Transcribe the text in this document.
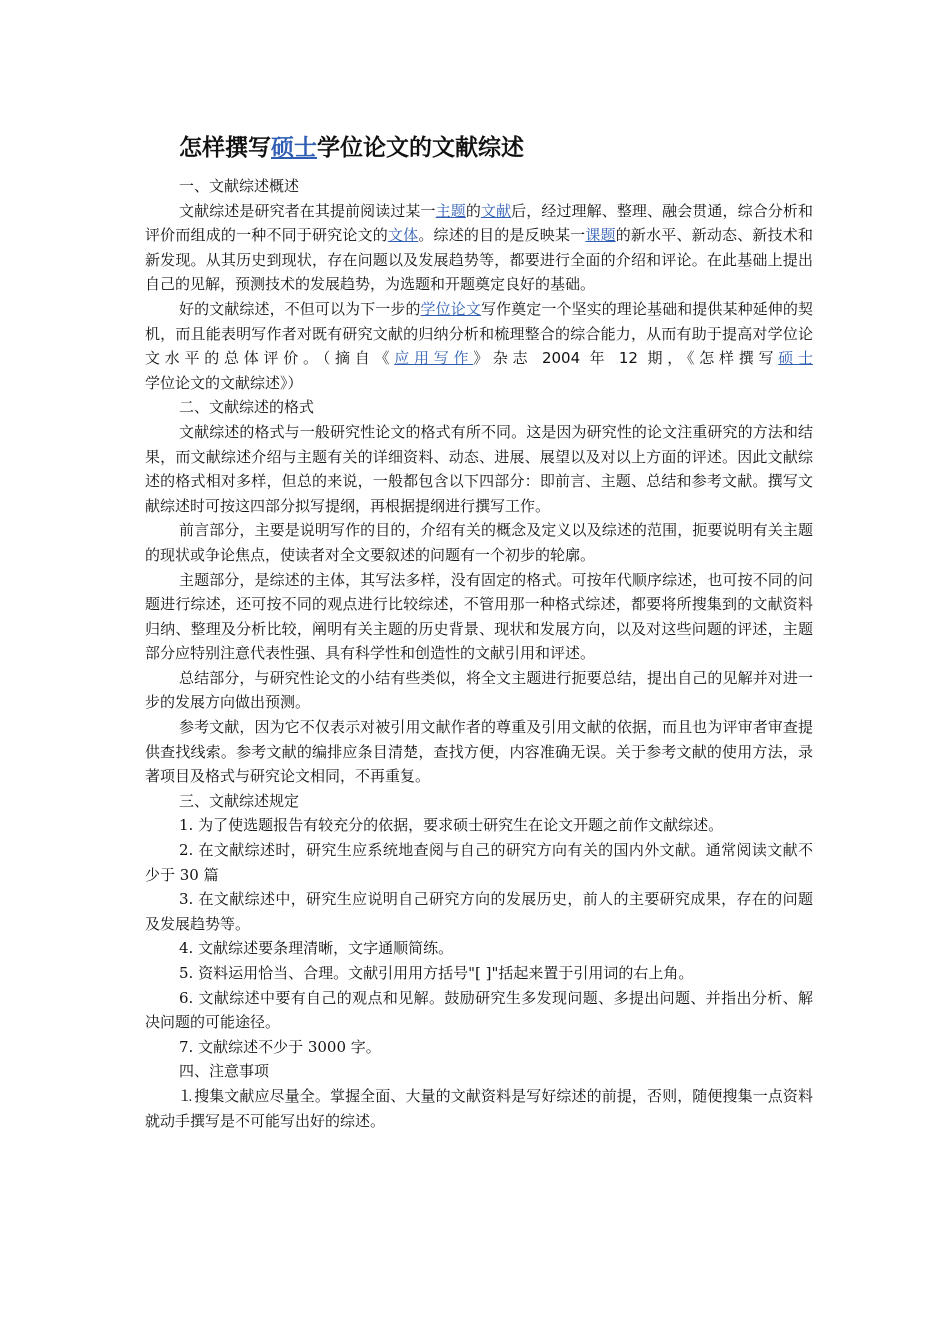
怎样撰写硕士学位论文的文献综述

一、文献综述概述

文献综述是研究者在其提前阅读过某一主题的文献后，经过理解、整理、融会贯通，综合分析和评价而组成的一种不同于研究论文的文体。综述的目的是反映某一课题的新水平、新动态、新技术和新发现。从其历史到现状，存在问题以及发展趋势等，都要进行全面的介绍和评论。在此基础上提出自己的见解，预测技术的发展趋势，为选题和开题奠定良好的基础。

好的文献综述，不但可以为下一步的学位论文写作奠定一个坚实的理论基础和提供某种延伸的契机，而且能表明写作者对既有研究文献的归纳分析和梳理整合的综合能力，从而有助于提高对学位论文水平的总体评价。（摘自《应用写作》杂志 2004 年 12 期，《怎样撰写硕士学位论文的文献综述》）

二、文献综述的格式

文献综述的格式与一般研究性论文的格式有所不同。这是因为研究性的论文注重研究的方法和结果，而文献综述介绍与主题有关的详细资料、动态、进展、展望以及对以上方面的评述。因此文献综述的格式相对多样，但总的来说，一般都包含以下四部分：即前言、主题、总结和参考文献。撰写文献综述时可按这四部分拟写提纲，再根据提纲进行撰写工作。

前言部分，主要是说明写作的目的，介绍有关的概念及定义以及综述的范围，扼要说明有关主题的现状或争论焦点，使读者对全文要叙述的问题有一个初步的轮廓。

主题部分，是综述的主体，其写法多样，没有固定的格式。可按年代顺序综述，也可按不同的问题进行综述，还可按不同的观点进行比较综述，不管用那一种格式综述，都要将所搜集到的文献资料归纳、整理及分析比较，阐明有关主题的历史背景、现状和发展方向，以及对这些问题的评述，主题部分应特别注意代表性强、具有科学性和创造性的文献引用和评述。

总结部分，与研究性论文的小结有些类似，将全文主题进行扼要总结，提出自己的见解并对进一步的发展方向做出预测。

参考文献，因为它不仅表示对被引用文献作者的尊重及引用文献的依据，而且也为评审者审查提供查找线索。参考文献的编排应条目清楚，查找方便，内容准确无误。关于参考文献的使用方法，录著项目及格式与研究论文相同，不再重复。

三、文献综述规定

1. 为了使选题报告有较充分的依据，要求硕士研究生在论文开题之前作文献综述。

2. 在文献综述时，研究生应系统地查阅与自己的研究方向有关的国内外文献。通常阅读文献不少于 30 篇

3. 在文献综述中，研究生应说明自己研究方向的发展历史，前人的主要研究成果，存在的问题及发展趋势等。

4. 文献综述要条理清晰，文字通顺简练。

5. 资料运用恰当、合理。文献引用用方括号"[ ]"括起来置于引用词的右上角。

6. 文献综述中要有自己的观点和见解。鼓励研究生多发现问题、多提出问题、并指出分析、解决问题的可能途径。

7. 文献综述不少于 3000 字。

四、注意事项

⒈搜集文献应尽量全。掌握全面、大量的文献资料是写好综述的前提，否则，随便搜集一点资料就动手撰写是不可能写出好的综述。
